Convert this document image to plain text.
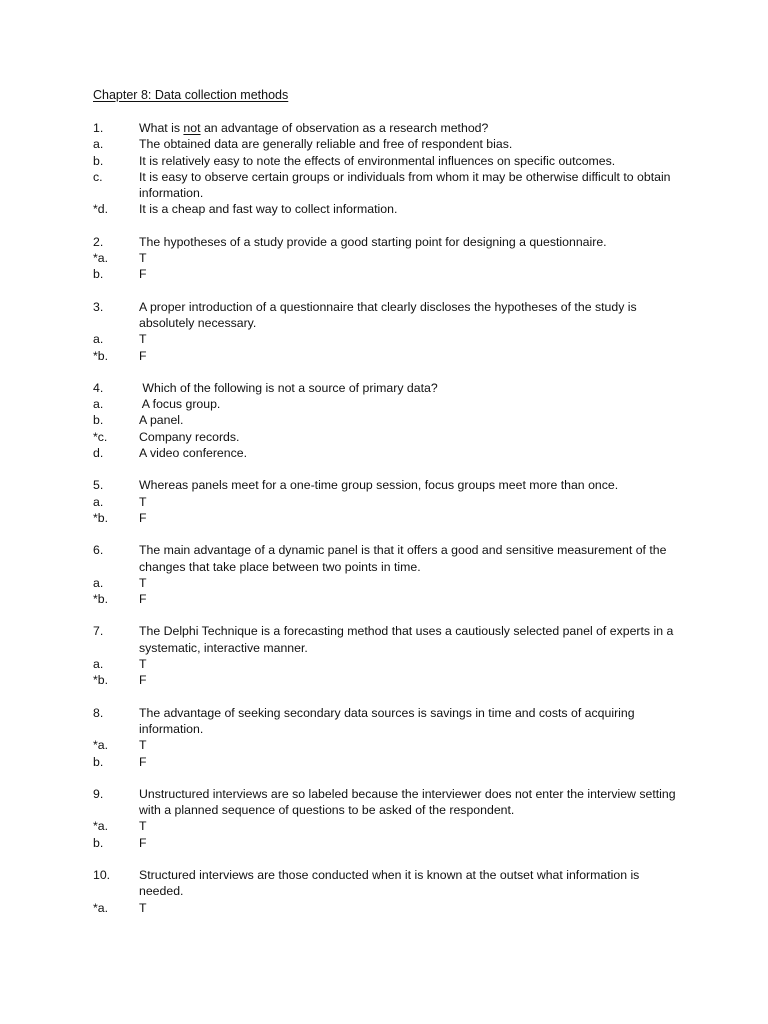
Chapter 8: Data collection methods
1.	What is not an advantage of observation as a research method?
a.	The obtained data are generally reliable and free of respondent bias.
b.	It is relatively easy to note the effects of environmental influences on specific outcomes.
c.	It is easy to observe certain groups or individuals from whom it may be otherwise difficult to obtain information.
*d.	It is a cheap and fast way to collect information.
2.	The hypotheses of a study provide a good starting point for designing a questionnaire.
*a.	T
b.	F
3.	A proper introduction of a questionnaire that clearly discloses the hypotheses of the study is absolutely necessary.
a.	T
*b.	F
4.	Which of the following is not a source of primary data?
a.	A focus group.
b.	A panel.
*c.	Company records.
d.	A video conference.
5.	Whereas panels meet for a one-time group session, focus groups meet more than once.
a.	T
*b.	F
6.	The main advantage of a dynamic panel is that it offers a good and sensitive measurement of the changes that take place between two points in time.
a.	T
*b.	F
7.	The Delphi Technique is a forecasting method that uses a cautiously selected panel of experts in a systematic, interactive manner.
a.	T
*b.	F
8.	The advantage of seeking secondary data sources is savings in time and costs of acquiring information.
*a.	T
b.	F
9.	Unstructured interviews are so labeled because the interviewer does not enter the interview setting with a planned sequence of questions to be asked of the respondent.
*a.	T
b.	F
10.	Structured interviews are those conducted when it is known at the outset what information is needed.
*a.	T
